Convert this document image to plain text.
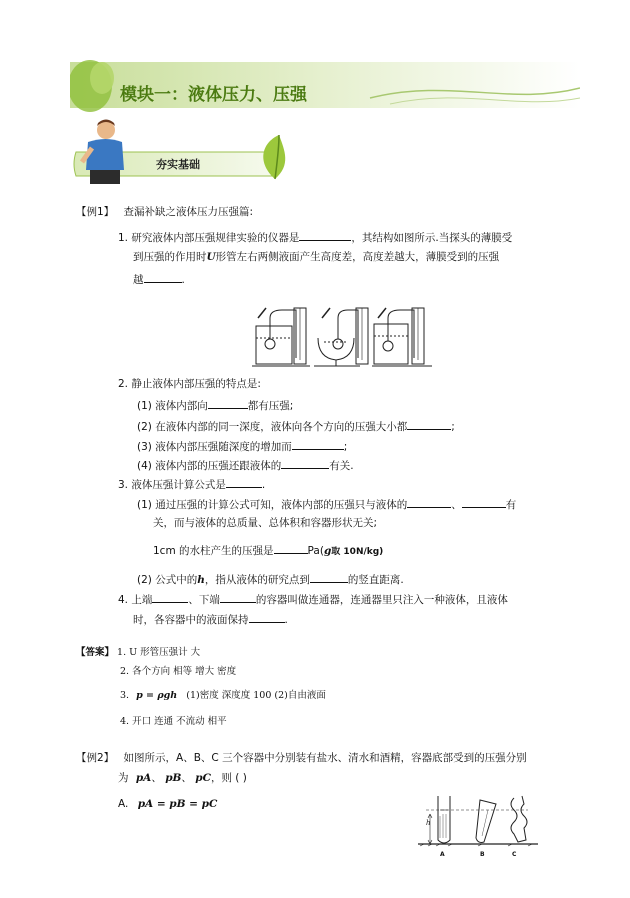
模块一：液体压力、压强
夯实基础
【例1】 查漏补缺之液体压力压强篇:
1. 研究液体内部压强规律实验的仪器是	，其结构如图所示.当探头的薄膜受
到压强的作用时U形管左右两侧液面产生高度差，高度差越大，薄膜受到的压强
越	.
2. 静止液体内部压强的特点是:
(1) 液体内部向	都有压强;
(2) 在液体内部的同一深度，液体向各个方向的压强大小都	;
(3) 液体内部压强随深度的增加而	;
(4) 液体内部的压强还跟液体的	有关.
3. 液体压强计算公式是	.
(1) 通过压强的计算公式可知，液体内部的压强只与液体的	、	有
关，而与液体的总质量、总体积和容器形状无关;
1cm 的水柱产生的压强是	Pa(g取 10N/kg)
(2) 公式中的h，指从液体的研究点到	的竖直距离.
4. 上端	、下端	的容器叫做连通器，连通器里只注入一种液体，且液体
时，各容器中的液面保持	.
【答案】 1. U 形管压强计 大
2. 各个方向 相等 增大 密度
3. p = ρgh (1)密度 深度度 100 (2)自由液面
4. 开口 连通 不流动 相平
【例2】 如图所示，A、B、C 三个容器中分别装有盐水、清水和酒精，容器底部受到的压强分别
为 pA、 pB、 pC，则 ( )
A. pA = pB = pC
h
A	B	C
